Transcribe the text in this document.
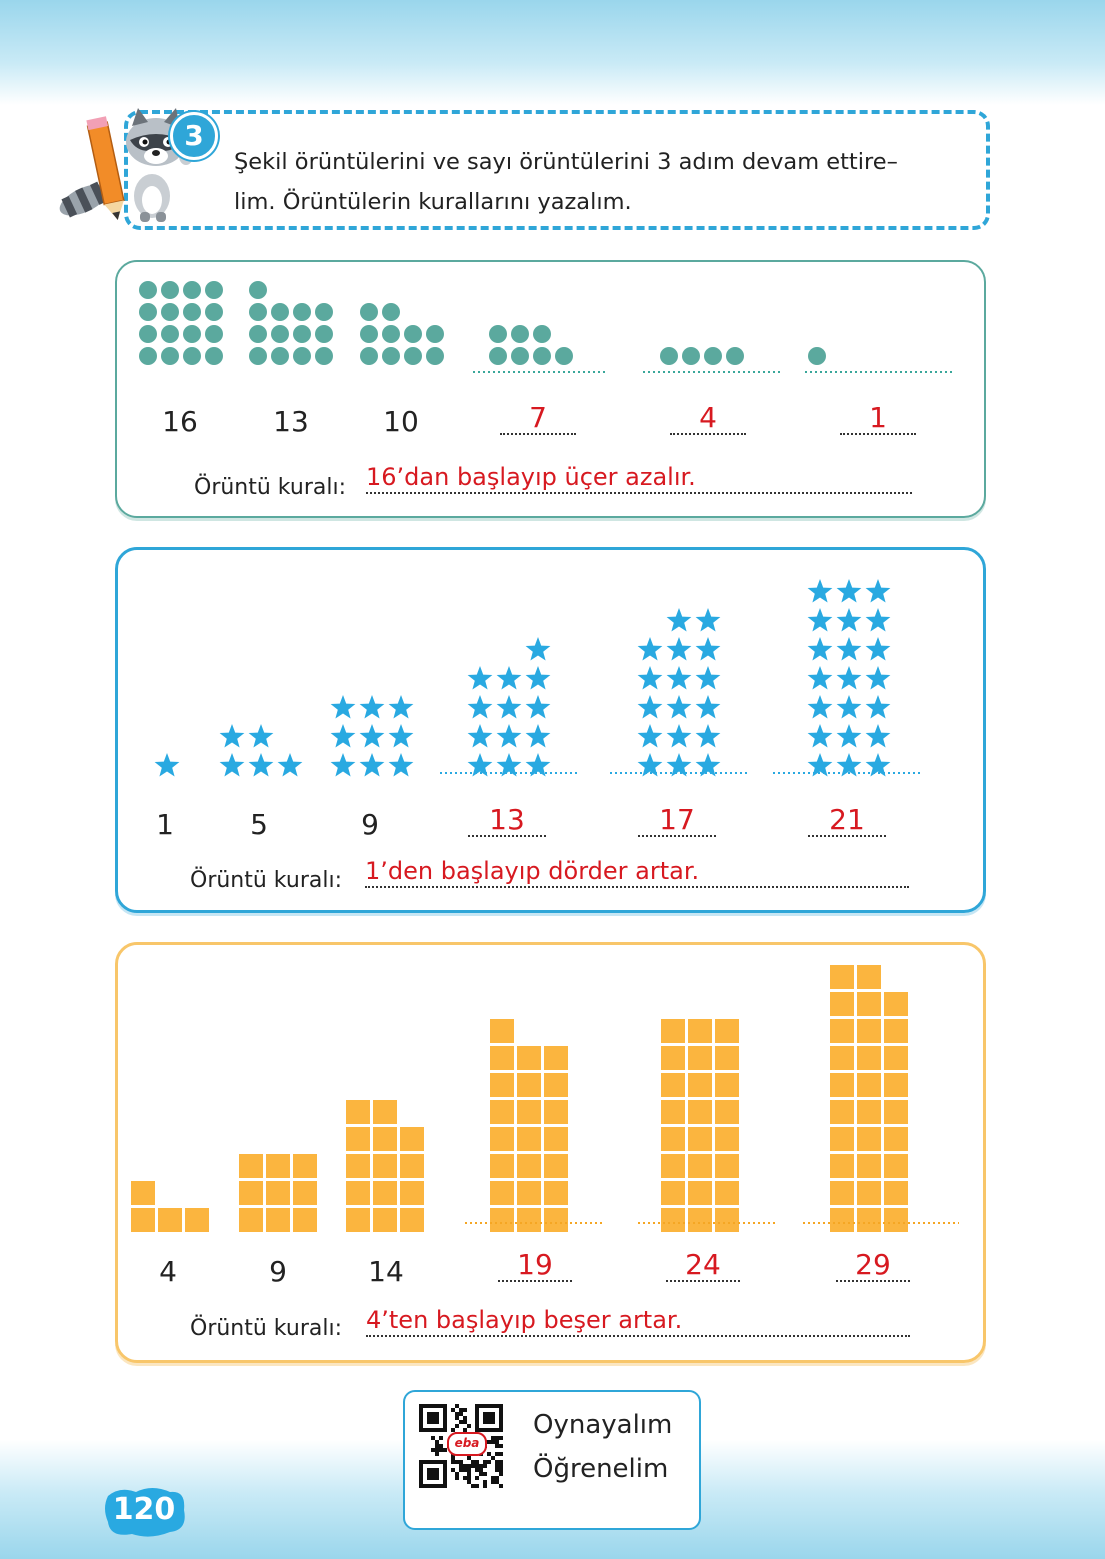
Şekil örüntülerini ve sayı örüntülerini 3 adım devam ettire–
lim. Örüntülerin kurallarını yazalım.
3
16	13	10	7	4	1
Örüntü kuralı: 16’dan başlayıp üçer azalır.
1	5	9	13	17	21
Örüntü kuralı: 1’den başlayıp dörder artar.
4	9	14	19	24	29
Örüntü kuralı: 4’ten başlayıp beşer artar.
eba
Oynayalım
Öğrenelim
120
